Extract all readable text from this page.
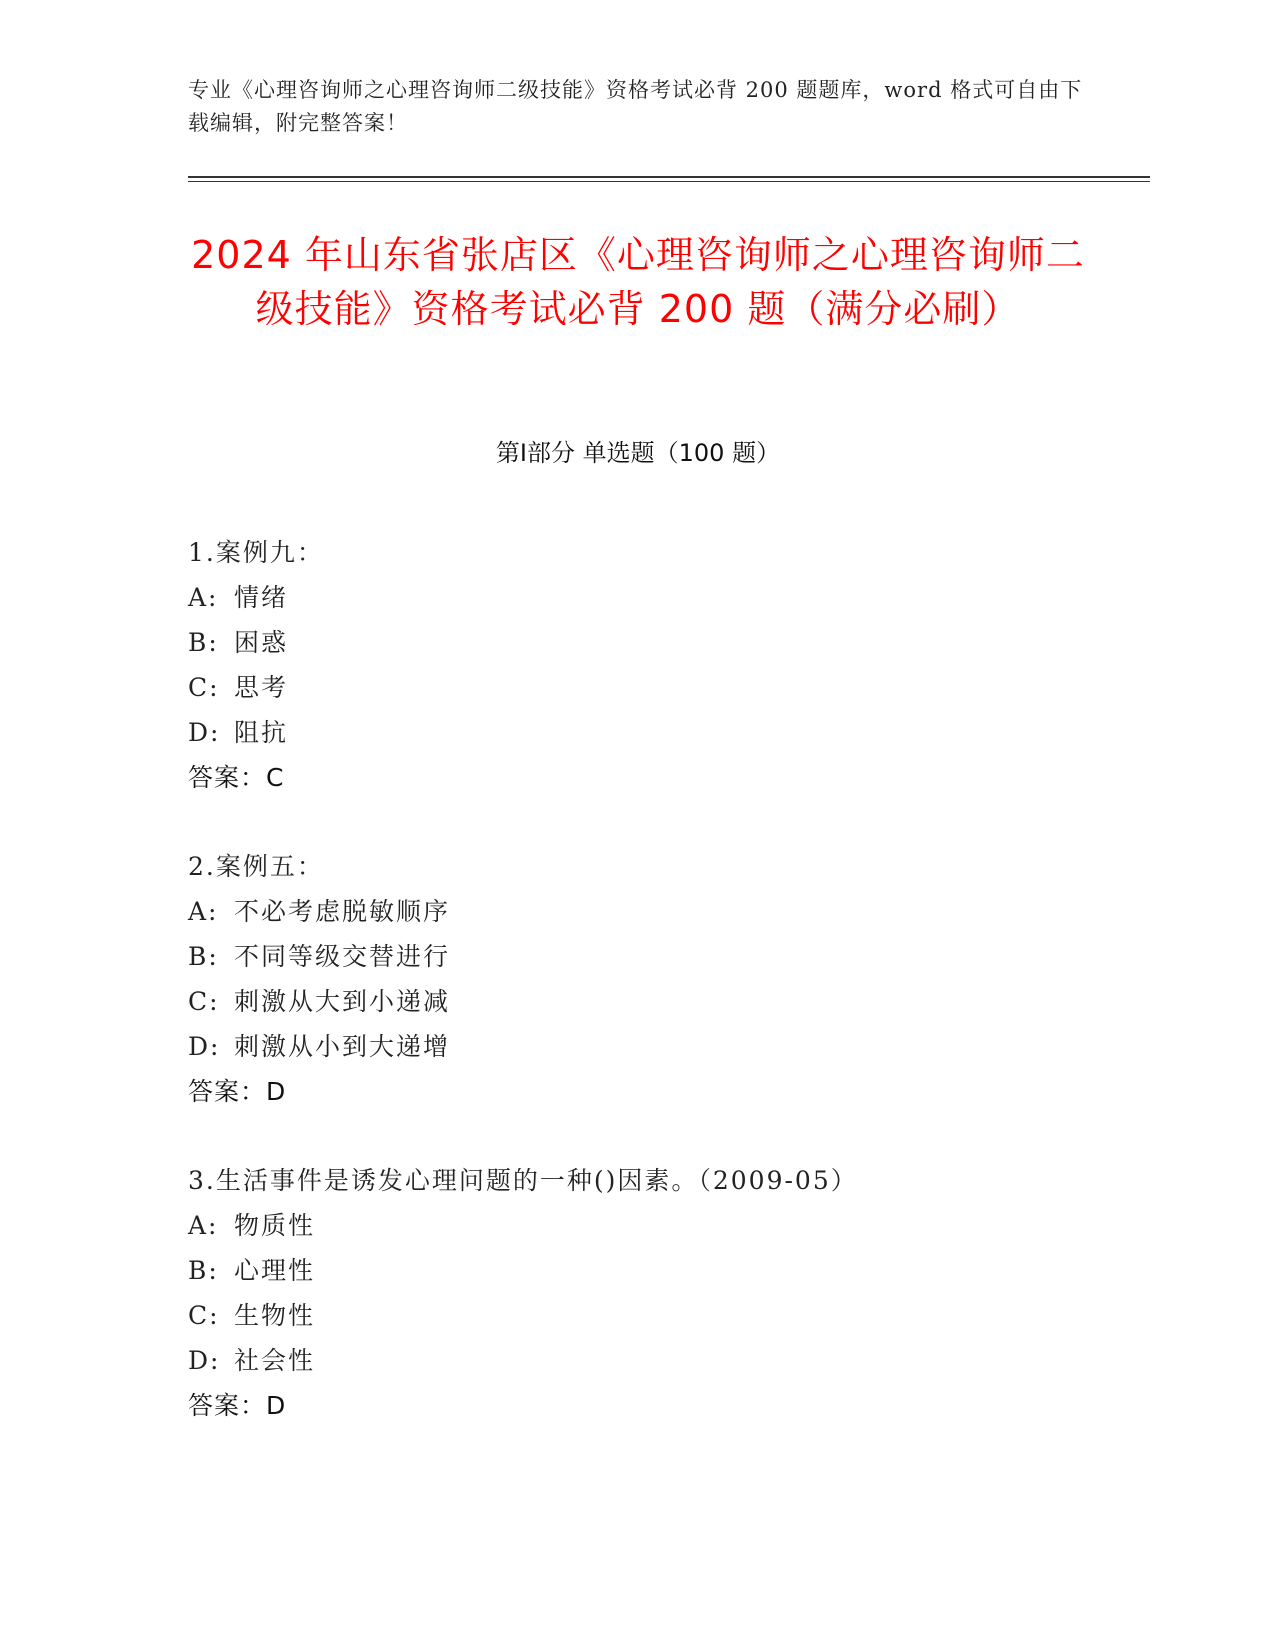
专业《心理咨询师之心理咨询师二级技能》资格考试必背 200 题题库，word 格式可自由下载编辑，附完整答案！
2024 年山东省张店区《心理咨询师之心理咨询师二级技能》资格考试必背 200 题（满分必刷）
第Ⅰ部分 单选题（100 题）
1.案例九：
A: 情绪
B: 困惑
C: 思考
D: 阻抗
答案：C
2.案例五：
A: 不必考虑脱敏顺序
B: 不同等级交替进行
C: 刺激从大到小递减
D: 刺激从小到大递增
答案：D
3.生活事件是诱发心理问题的一种()因素。（2009-05）
A: 物质性
B: 心理性
C: 生物性
D: 社会性
答案：D
